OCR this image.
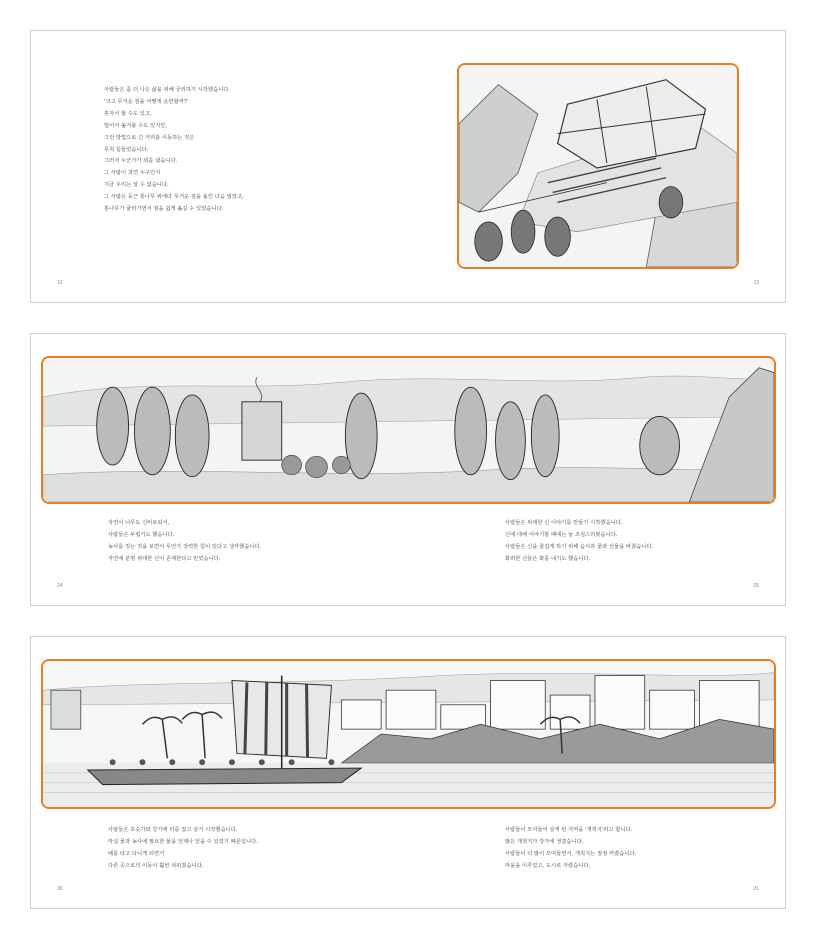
사람들은 좀 더 나은 삶을 위해 궁리하기 시작했습니다.
'크고 무거운 짐을 어떻게 운반할까?'
혼자서 할 수도 있고,
밀어서 옮겨볼 수도 있지만,
그런 방법으로 긴 거리를 이동하는 것은
무척 힘들었습니다.
그러자 누군가가 꾀를 냈습니다.
그 사람이 과연 누구인지
지금 우리는 알 수 없습니다.
그 사람은 둥근 통나무 위에다 무거운 짐을 올린 다음 밀었고,
통나무가 굴러가면서 짐을 쉽게 옮길 수 있었습니다.
12	13
자연이 너무도 신비로워서,
사람들은 두렵기도 했습니다.
농사를 짓는 것을 보면서 무언가 강력한 힘이 있다고 생각했습니다.
자연에 분명 위대한 신이 존재한다고 믿었습니다.
사람들은 위대한 신 이야기를 만들기 시작했습니다.
신에 대해 이야기할 때에는 늘 조심스러웠습니다.
사람들은 신을 즐겁게 하기 위해 음식과 꽃과 선물을 바쳤습니다.
화려한 신들은 화를 내기도 했습니다.
24	25
사람들은 호숫가와 강가에 터를 잡고 살기 시작했습니다.
마실 물과 농사에 필요한 물을 언제나 얻을 수 있었기 때문입니다.
배를 타고 다니게 되면서
다른 곳으로의 이동이 훨씬 쉬워졌습니다.
사람들이 모여들어 살게 된 지역을 '개척지'라고 합니다.
많은 개척지가 강가에 생겼습니다.
사람들이 더 많이 모여들면서, 개척지는 점점 커졌습니다.
마을을 이루었고, 도시로 자랐습니다.
30	31
